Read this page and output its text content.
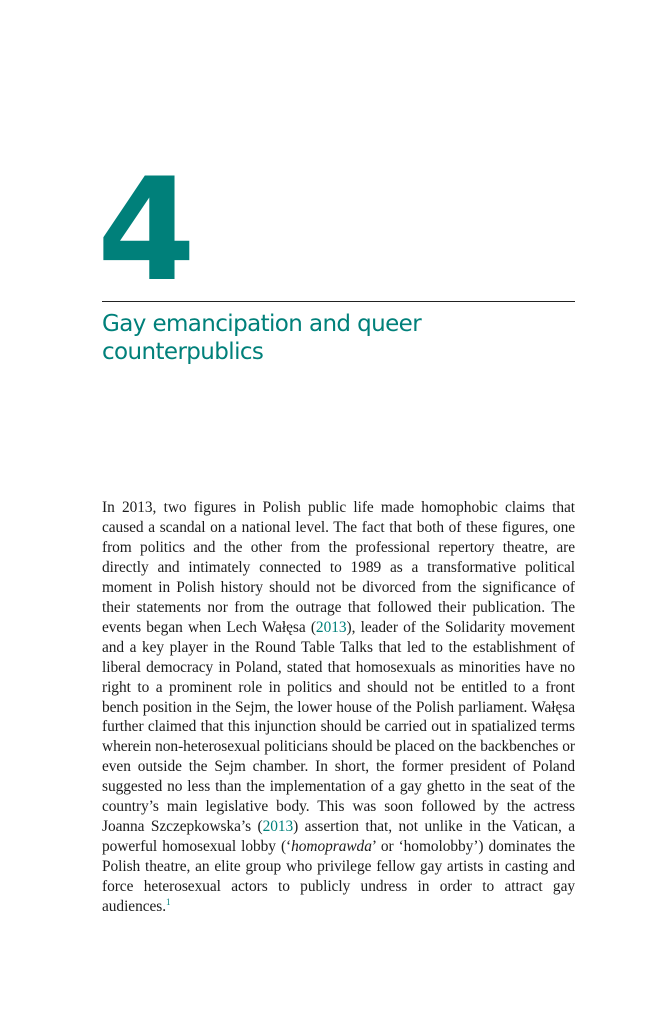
4
Gay emancipation and queer counterpublics

In 2013, two figures in Polish public life made homophobic claims that caused a scandal on a national level. The fact that both of these figures, one from politics and the other from the professional repertory theatre, are directly and intimately connected to 1989 as a transformative political moment in Polish history should not be divorced from the significance of their statements nor from the outrage that followed their publication. The events began when Lech Wałęsa (2013), leader of the Solidarity movement and a key player in the Round Table Talks that led to the establishment of liberal democracy in Poland, stated that homosexuals as minorities have no right to a prominent role in politics and should not be entitled to a front bench position in the Sejm, the lower house of the Polish parliament. Wałęsa further claimed that this injunction should be carried out in spatialized terms wherein non-heterosexual politicians should be placed on the backbenches or even outside the Sejm chamber. In short, the former president of Poland suggested no less than the implementation of a gay ghetto in the seat of the country’s main legislative body. This was soon followed by the actress Joanna Szczepkowska’s (2013) assertion that, not unlike in the Vatican, a powerful homosexual lobby (‘homoprawda’ or ‘homolobby’) dominates the Polish theatre, an elite group who privilege fellow gay artists in casting and force heterosexual actors to publicly undress in order to attract gay audiences.$^1$
